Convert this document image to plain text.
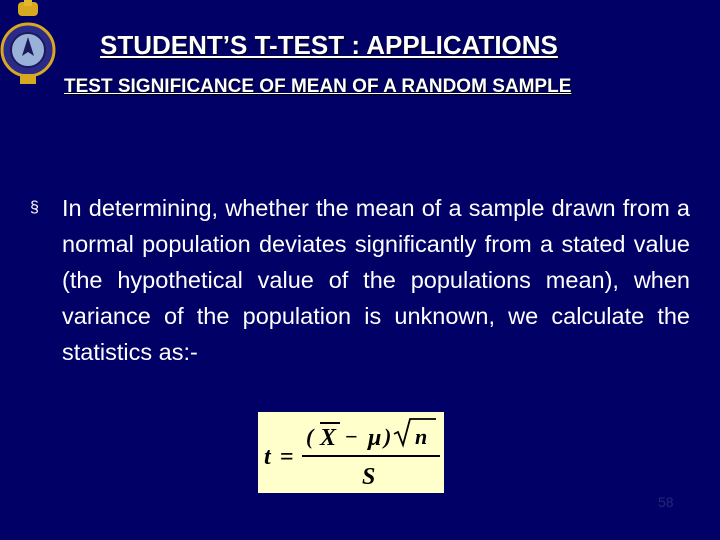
STUDENT’S T-TEST : APPLICATIONS
TEST SIGNIFICANCE OF MEAN OF A RANDOM SAMPLE
§ In determining, whether the mean of a sample drawn from a normal population deviates significantly from a stated value (the hypothetical value of the populations mean), when variance of the population is unknown, we calculate the statistics as:-
t =
( X − μ ) n
S
58
